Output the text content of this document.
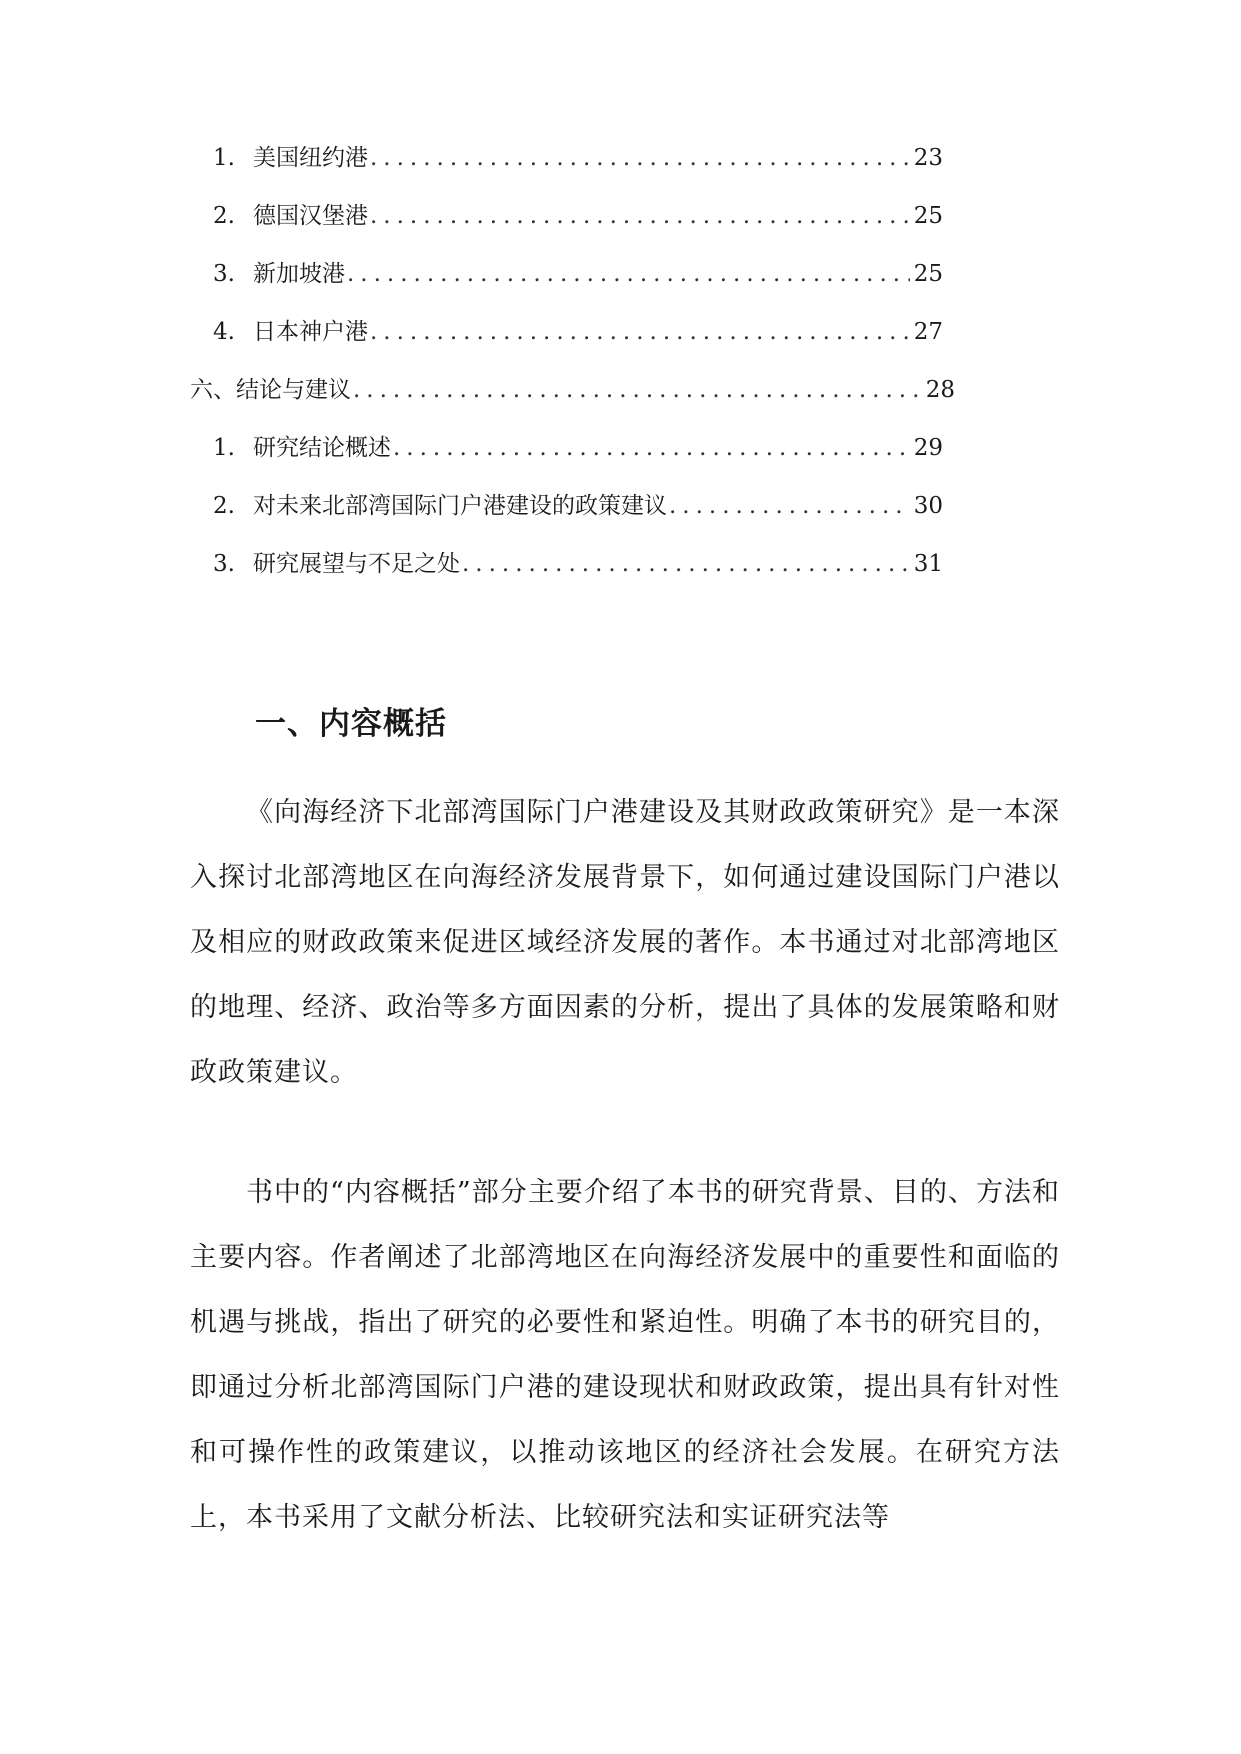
1. 美国纽约港 .....	23
2. 德国汉堡港 .....	25
3. 新加坡港 .....	25
4. 日本神户港 .....	27
六、结论与建议 .....	28
1. 研究结论概述 .....	29
2. 对未来北部湾国际门户港建设的政策建议 .....	30
3. 研究展望与不足之处 .....	31
一、内容概括

《向海经济下北部湾国际门户港建设及其财政政策研究》是一本深入探讨北部湾地区在向海经济发展背景下，如何通过建设国际门户港以及相应的财政政策来促进区域经济发展的著作。本书通过对北部湾地区的地理、经济、政治等多方面因素的分析，提出了具体的发展策略和财政政策建议。

书中的“内容概括”部分主要介绍了本书的研究背景、目的、方法和主要内容。作者阐述了北部湾地区在向海经济发展中的重要性和面临的机遇与挑战，指出了研究的必要性和紧迫性。明确了本书的研究目的，即通过分析北部湾国际门户港的建设现状和财政政策，提出具有针对性和可操作性的政策建议，以推动该地区的经济社会发展。在研究方法上，本书采用了文献分析法、比较研究法和实证研究法等
